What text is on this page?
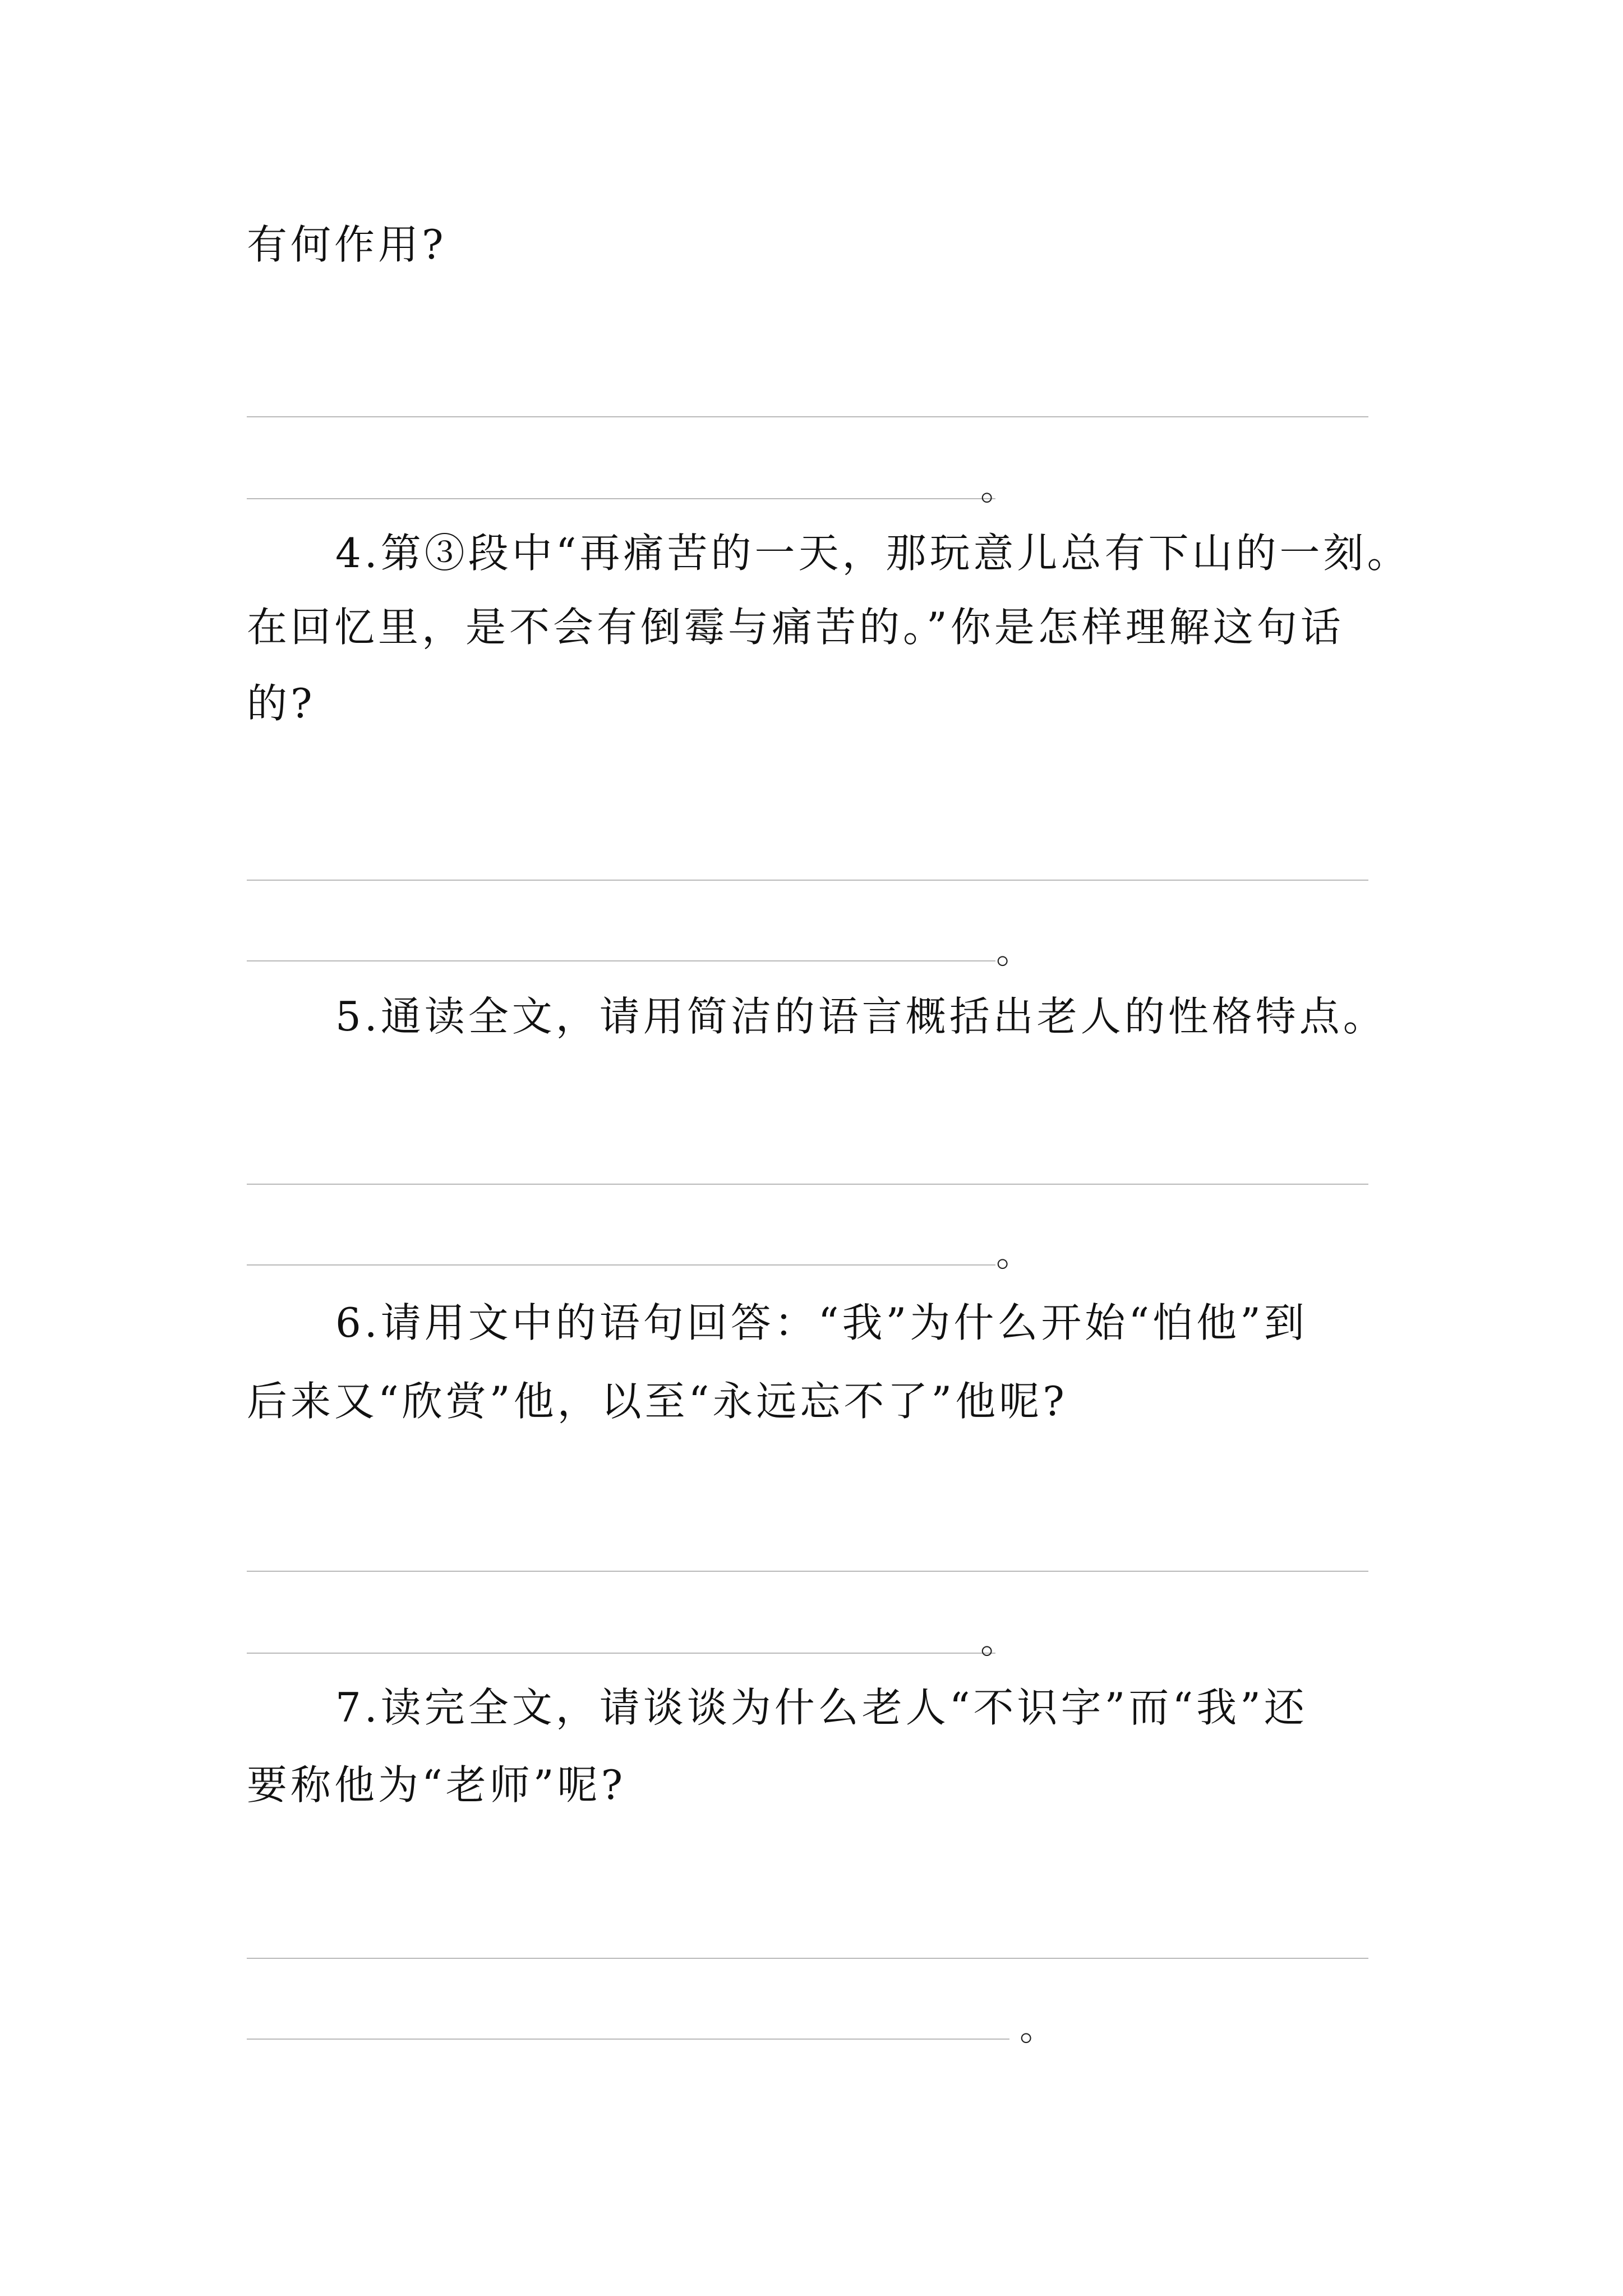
有何作用?
。
4.第③段中“再痛苦的一天，那玩意儿总有下山的一刻。
在回忆里，是不会有倒霉与痛苦的。”你是怎样理解这句话
的?
。
5.通读全文，请用简洁的语言概括出老人的性格特点。
。
6.请用文中的语句回答：“我”为什么开始“怕他”到
后来又“欣赏”他，以至“永远忘不了”他呢?
。
7.读完全文，请谈谈为什么老人“不识字”而“我”还
要称他为“老师”呢?
。
